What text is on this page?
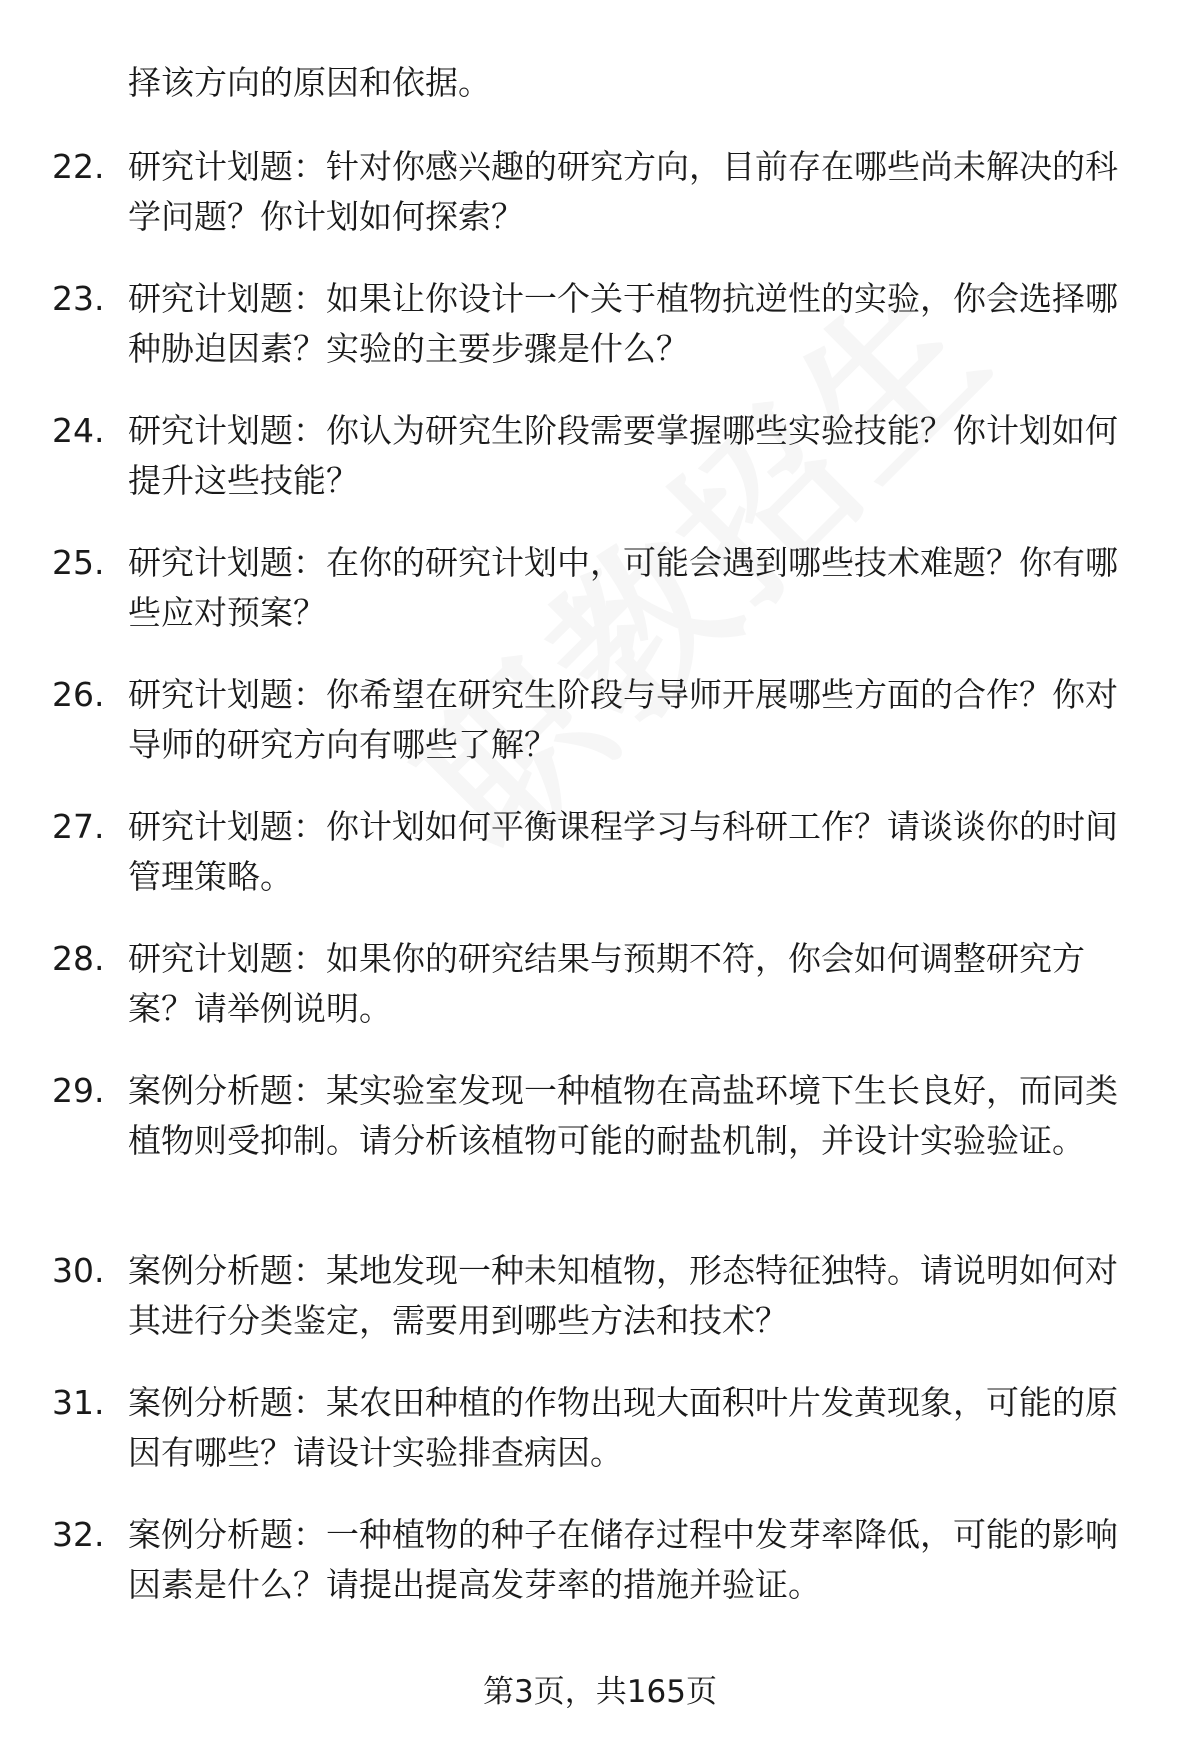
择该方向的原因和依据。

22. 研究计划题：针对你感兴趣的研究方向，目前存在哪些尚未解决的科学问题？你计划如何探索？
23. 研究计划题：如果让你设计一个关于植物抗逆性的实验，你会选择哪种胁迫因素？实验的主要步骤是什么？
24. 研究计划题：你认为研究生阶段需要掌握哪些实验技能？你计划如何提升这些技能？
25. 研究计划题：在你的研究计划中，可能会遇到哪些技术难题？你有哪些应对预案？
26. 研究计划题：你希望在研究生阶段与导师开展哪些方面的合作？你对导师的研究方向有哪些了解？
27. 研究计划题：你计划如何平衡课程学习与科研工作？请谈谈你的时间管理策略。
28. 研究计划题：如果你的研究结果与预期不符，你会如何调整研究方案？请举例说明。
29. 案例分析题：某实验室发现一种植物在高盐环境下生长良好，而同类植物则受抑制。请分析该植物可能的耐盐机制，并设计实验验证。
30. 案例分析题：某地发现一种未知植物，形态特征独特。请说明如何对其进行分类鉴定，需要用到哪些方法和技术？
31. 案例分析题：某农田种植的作物出现大面积叶片发黄现象，可能的原因有哪些？请设计实验排查病因。
32. 案例分析题：一种植物的种子在储存过程中发芽率降低，可能的影响因素是什么？请提出提高发芽率的措施并验证。

第3页，共165页
